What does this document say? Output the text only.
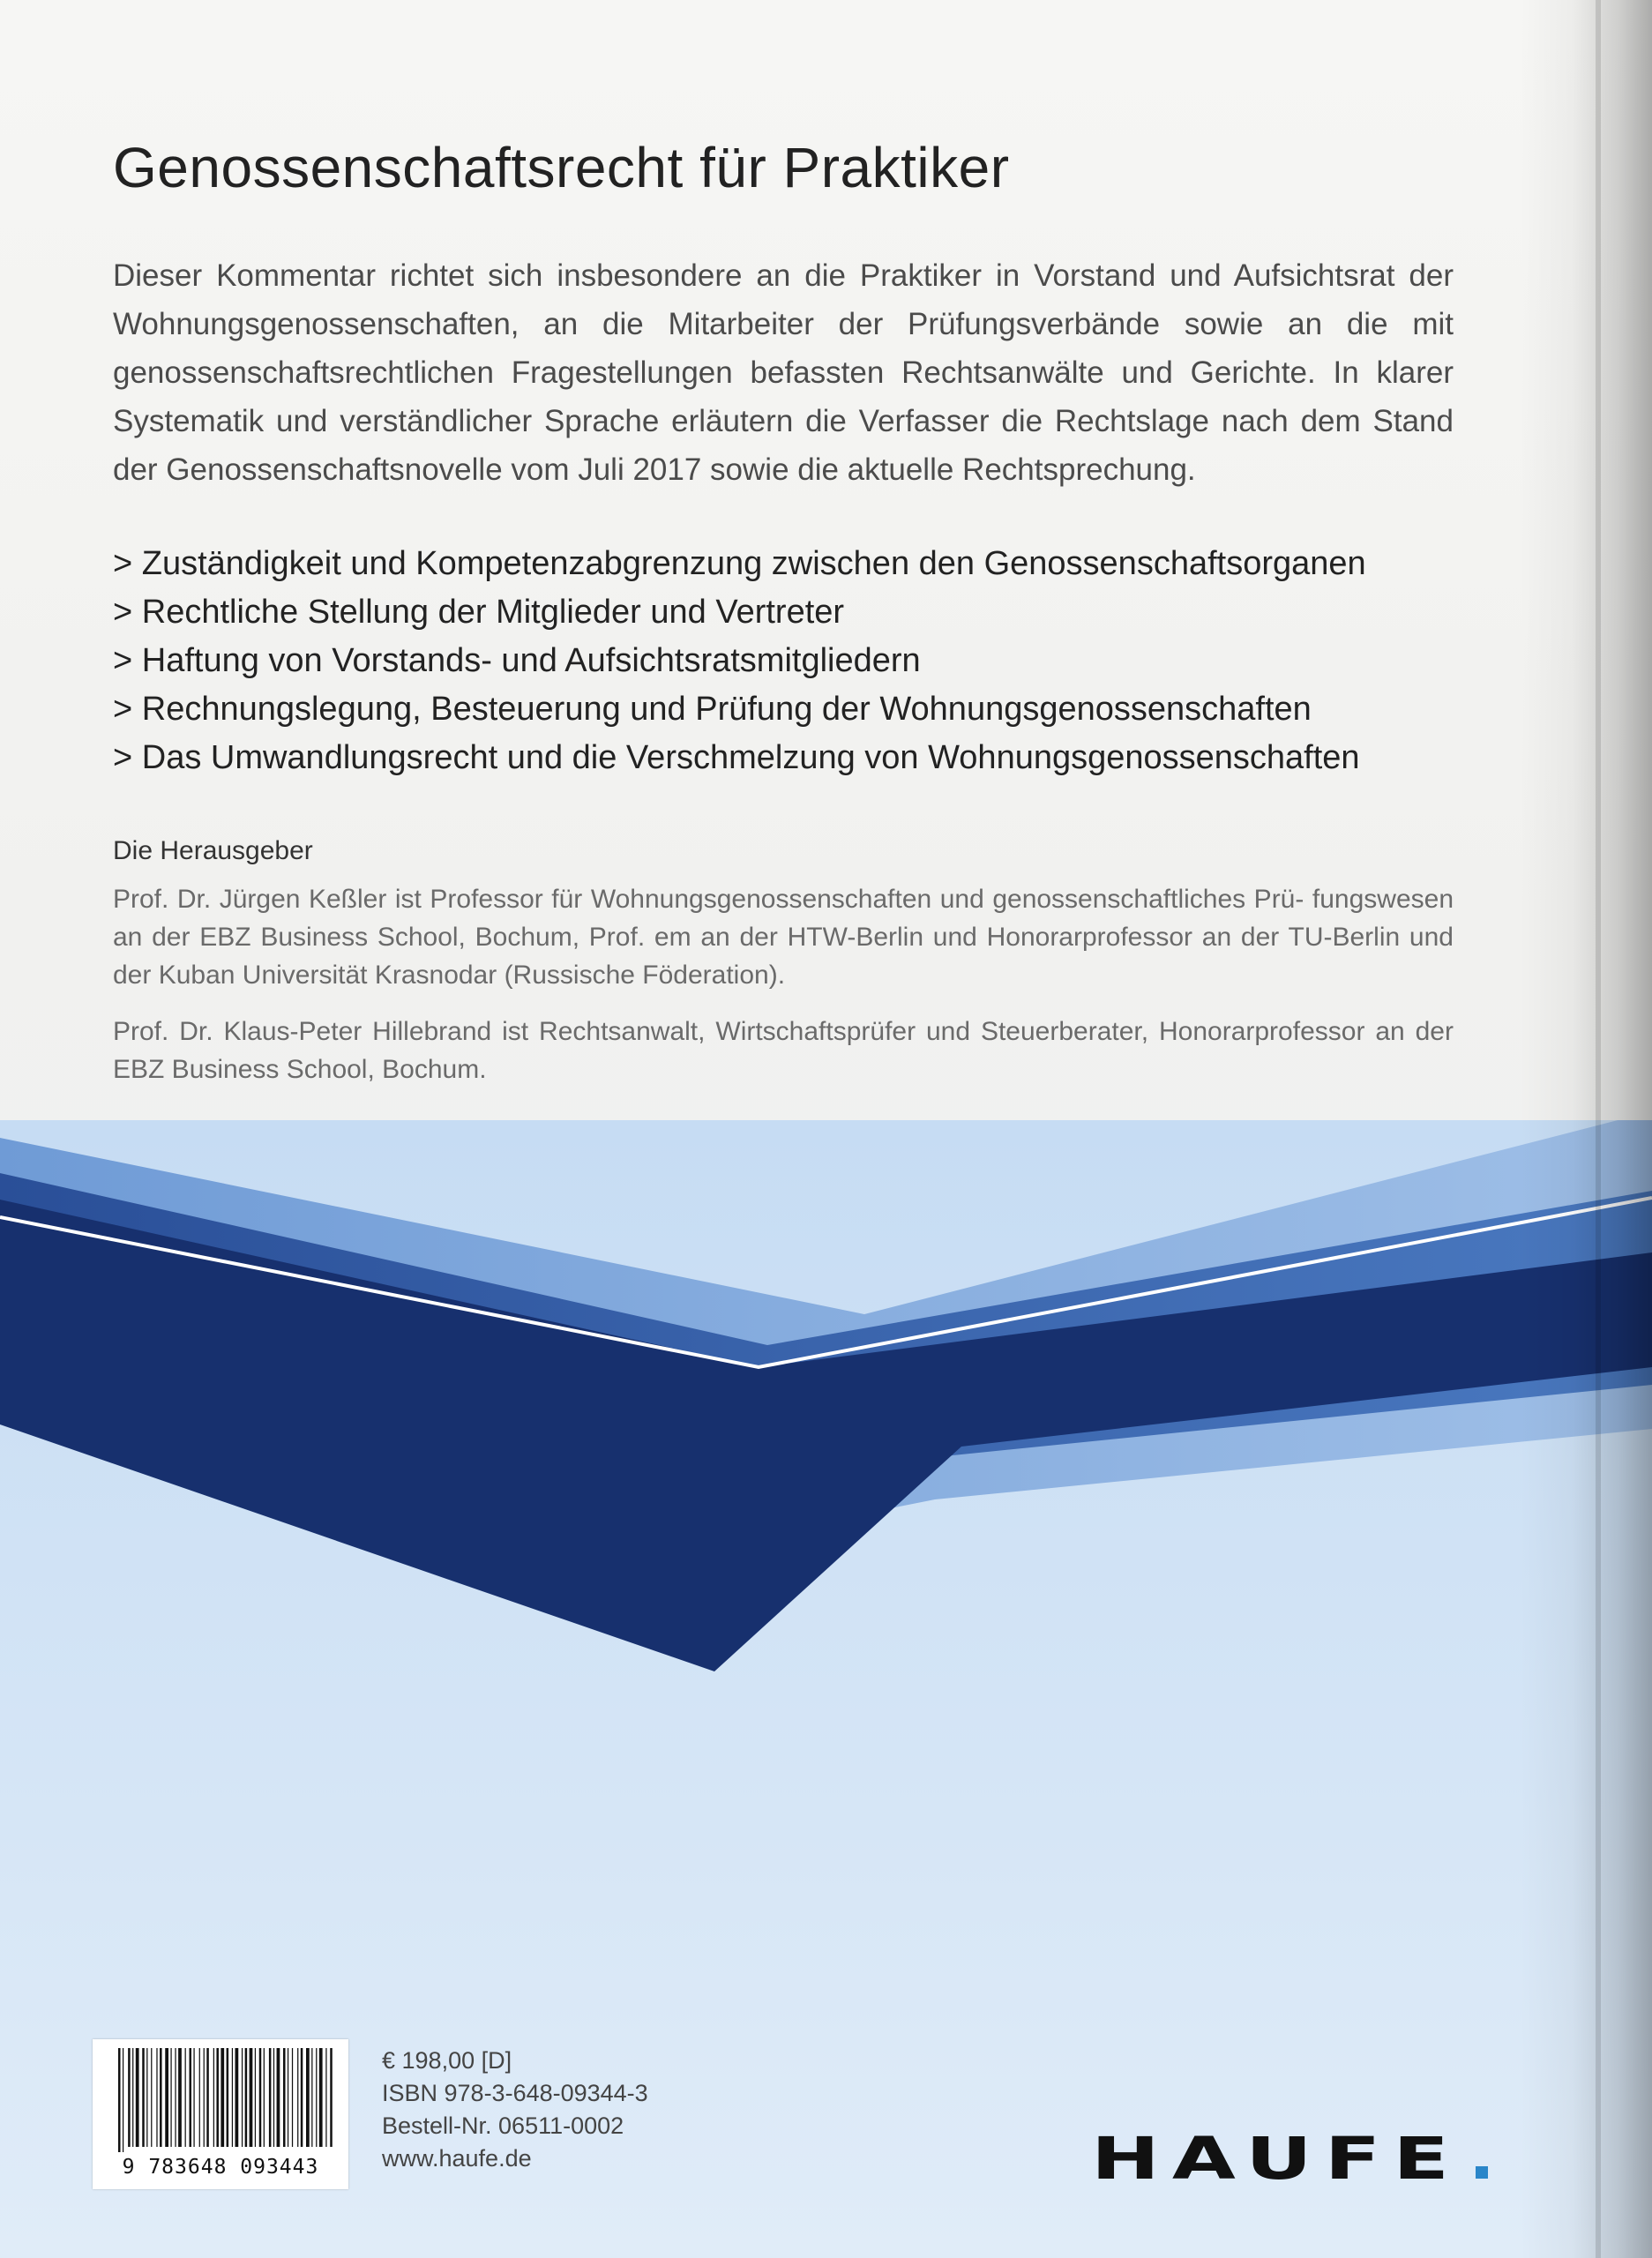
Genossenschaftsrecht für Praktiker

Dieser Kommentar richtet sich insbesondere an die Praktiker in Vorstand und Aufsichtsrat der Wohnungsgenossenschaften, an die Mitarbeiter der Prüfungsverbände sowie an die mit genossenschaftsrechtlichen Fragestellungen befassten Rechtsanwälte und Gerichte. In klarer Systematik und verständlicher Sprache erläutern die Verfasser die Rechtslage nach dem Stand der Genossenschaftsnovelle vom Juli 2017 sowie die aktuelle Rechtsprechung.

> Zuständigkeit und Kompetenzabgrenzung zwischen den Genossenschaftsorganen
> Rechtliche Stellung der Mitglieder und Vertreter
> Haftung von Vorstands- und Aufsichtsratsmitgliedern
> Rechnungslegung, Besteuerung und Prüfung der Wohnungsgenossenschaften
> Das Umwandlungsrecht und die Verschmelzung von Wohnungsgenossenschaften
Die Herausgeber

Prof. Dr. Jürgen Keßler ist Professor für Wohnungsgenossenschaften und genossenschaftliches Prü- fungswesen an der EBZ Business School, Bochum, Prof. em an der HTW-Berlin und Honorarprofessor an der TU-Berlin und der Kuban Universität Krasnodar (Russische Föderation).

Prof. Dr. Klaus-Peter Hillebrand ist Rechtsanwalt, Wirtschaftsprüfer und Steuerberater, Honorarprofessor an der EBZ Business School, Bochum.

9 783648 093443
€ 198,00 [D]
ISBN 978-3-648-09344-3
Bestell-Nr. 06511-0002
www.haufe.de	HAUFE
